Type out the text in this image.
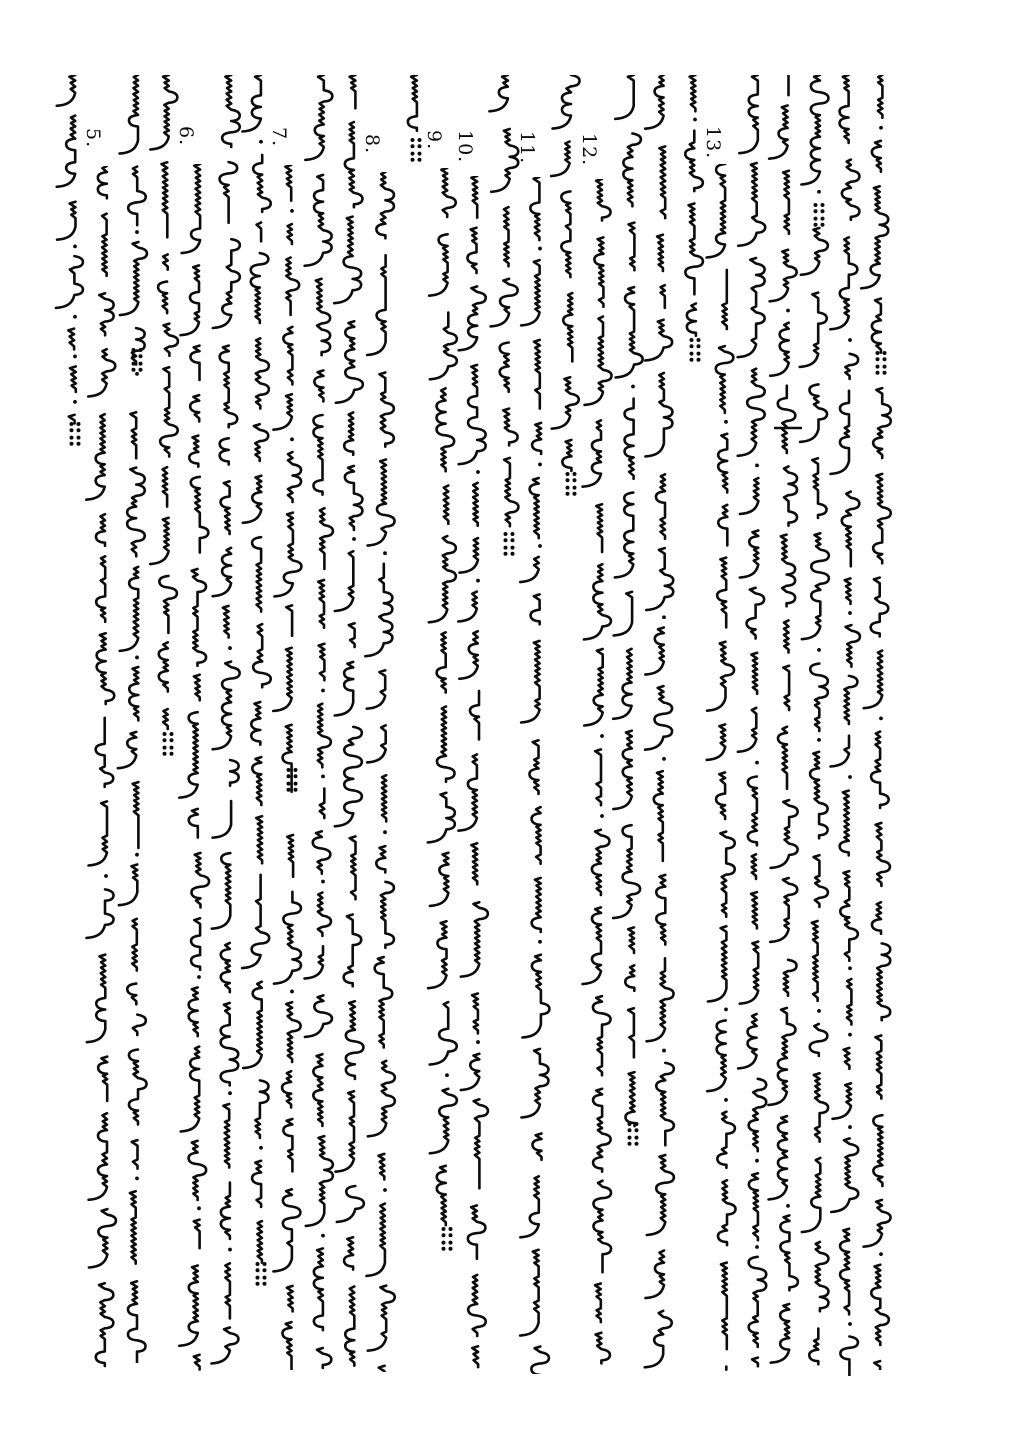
5.	6.	7.	8. 9. 10. 11. 12.	13.
